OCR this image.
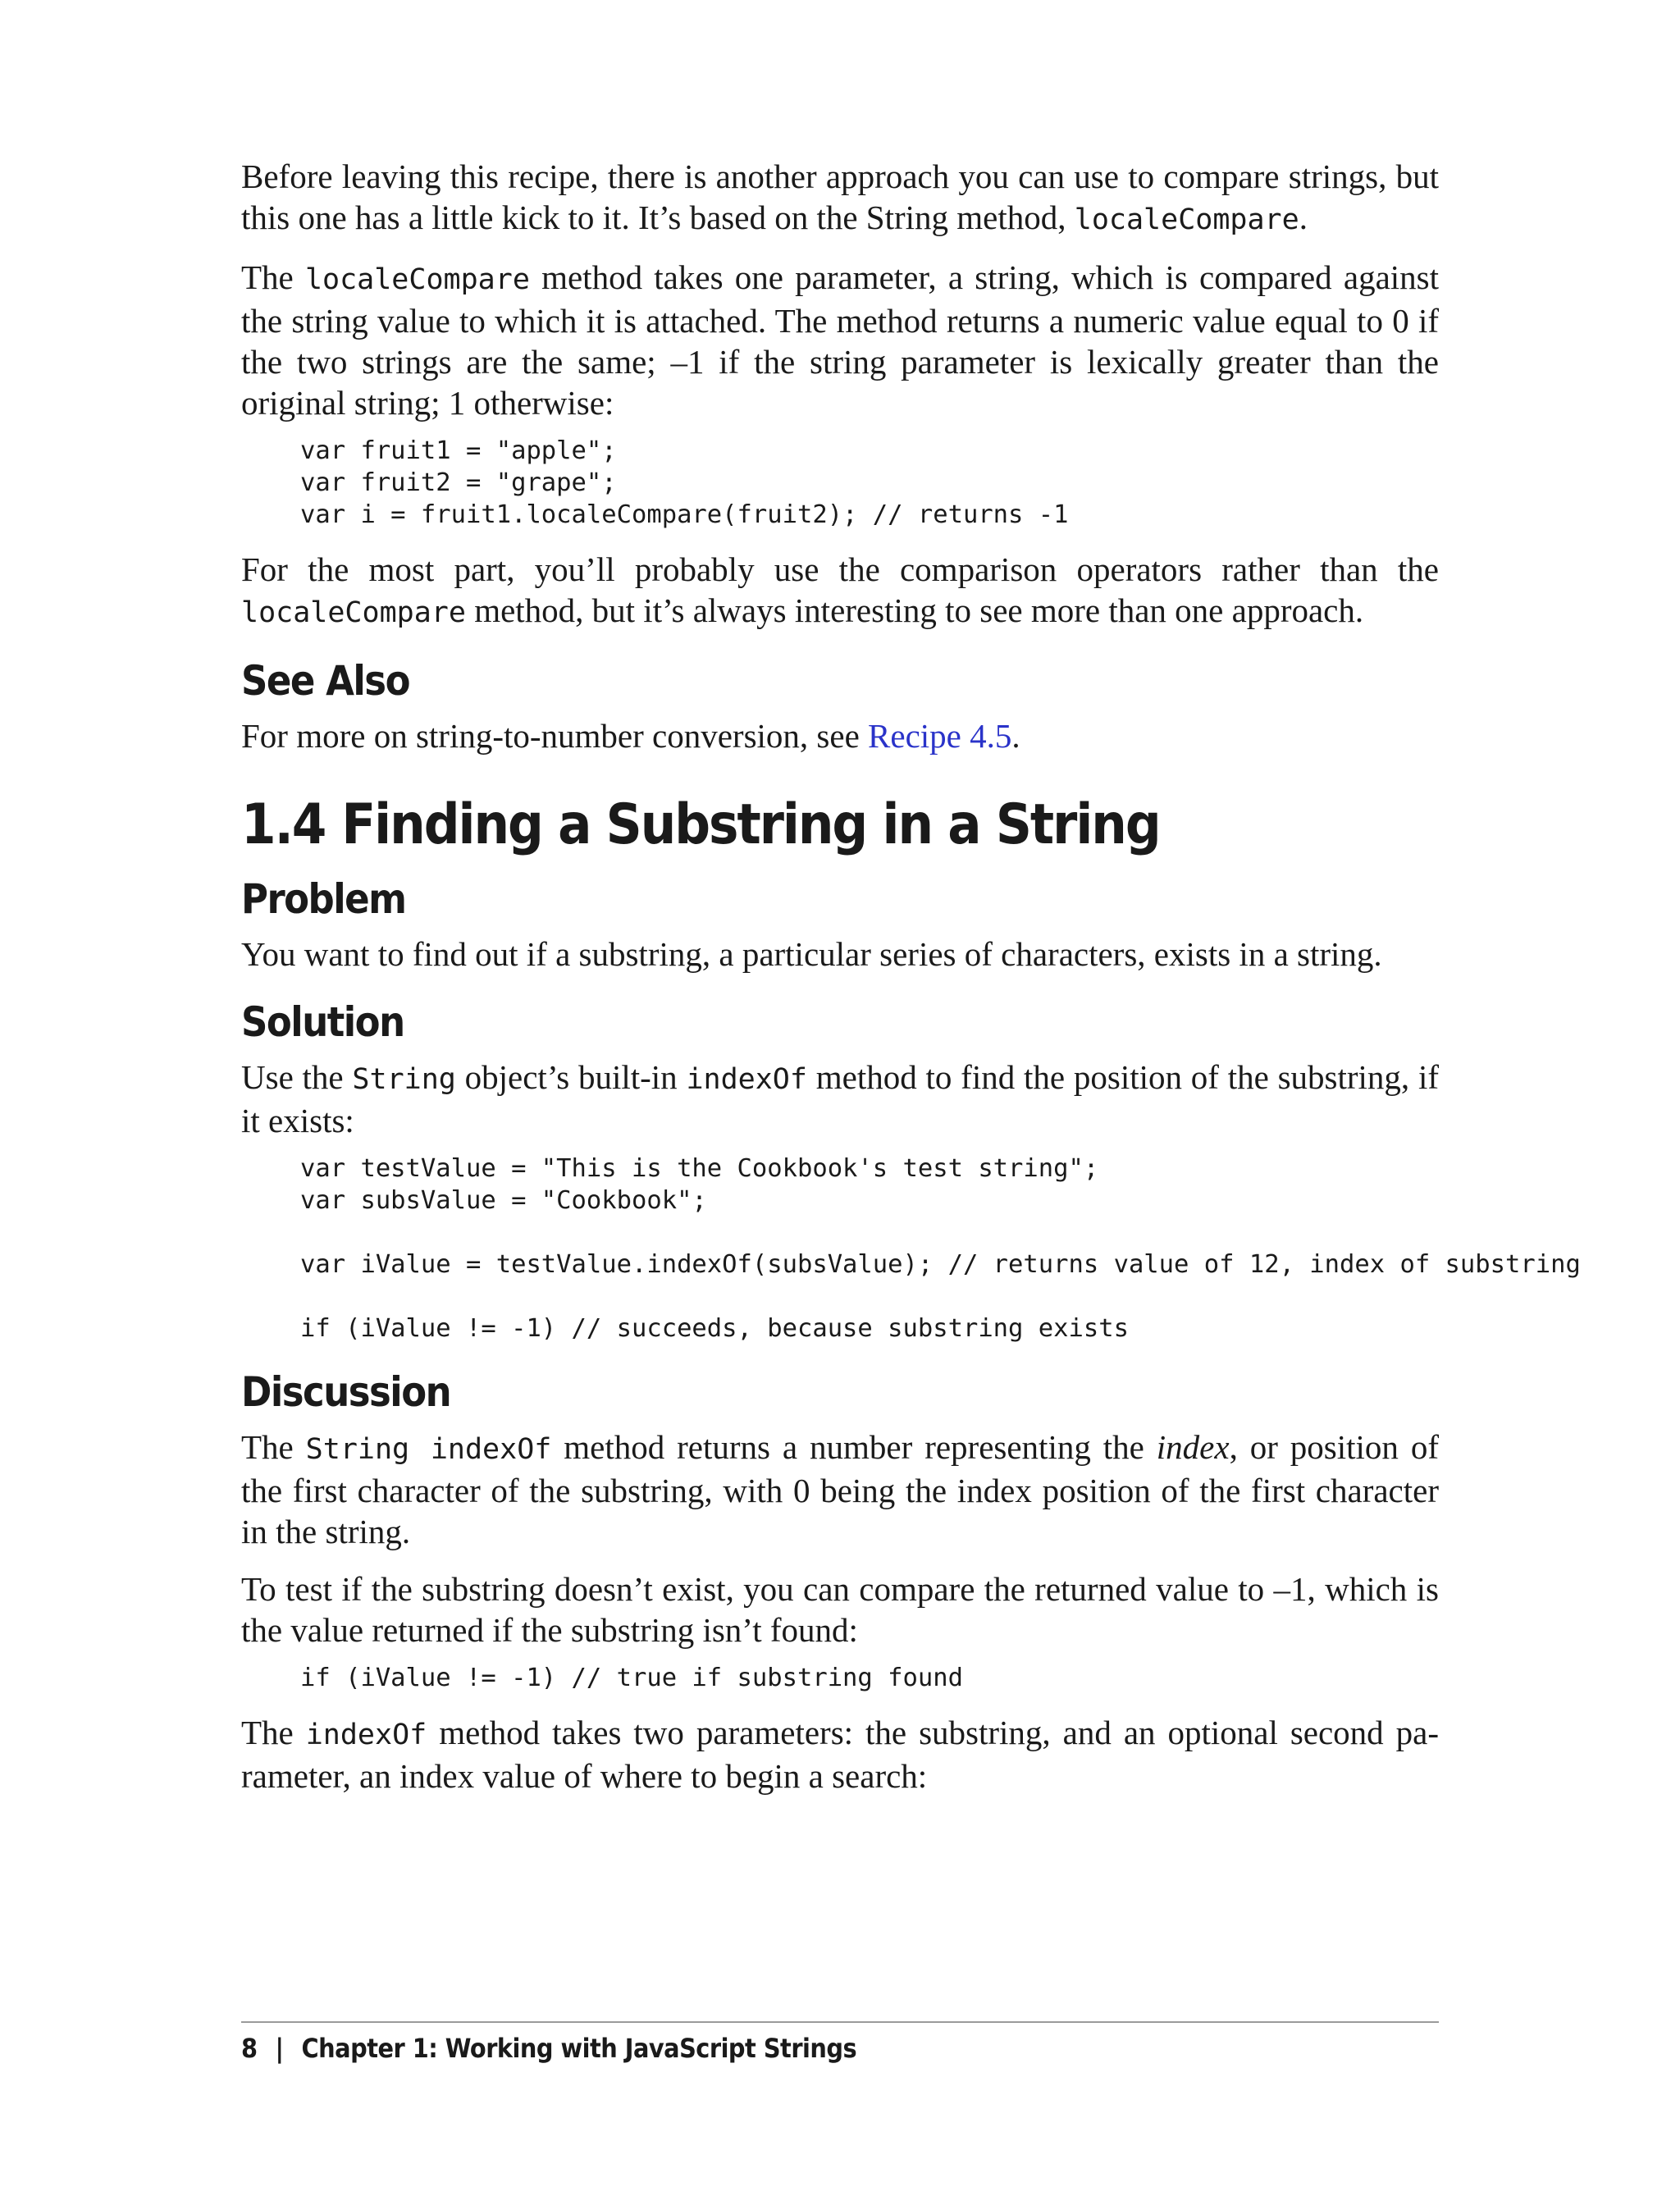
Before leaving this recipe, there is another approach you can use to compare strings, but this one has a little kick to it. It’s based on the String method, localeCompare.

The localeCompare method takes one parameter, a string, which is compared against the string value to which it is attached. The method returns a numeric value equal to 0 if the two strings are the same; –1 if the string parameter is lexically greater than the original string; 1 otherwise:

var fruit1 = "apple";
var fruit2 = "grape";
var i = fruit1.localeCompare(fruit2); // returns -1

For the most part, you’ll probably use the comparison operators rather than the localeCompare method, but it’s always interesting to see more than one approach.

See Also

For more on string-to-number conversion, see Recipe 4.5.

1.4 Finding a Substring in a String
Problem

You want to find out if a substring, a particular series of characters, exists in a string.

Solution

Use the String object’s built-in indexOf method to find the position of the substring, if it exists:

var testValue = "This is the Cookbook's test string";
var subsValue = "Cookbook";

var iValue = testValue.indexOf(subsValue); // returns value of 12, index of substring

if (iValue != -1) // succeeds, because substring exists
Discussion

The String indexOf method returns a number representing the index, or position of the first character of the substring, with 0 being the index position of the first character in the string.

To test if the substring doesn’t exist, you can compare the returned value to –1, which is the value returned if the substring isn’t found:

if (iValue != -1) // true if substring found

The indexOf method takes two parameters: the substring, and an optional second parameter, an index value of where to begin a search:

8 | Chapter 1: Working with JavaScript Strings
